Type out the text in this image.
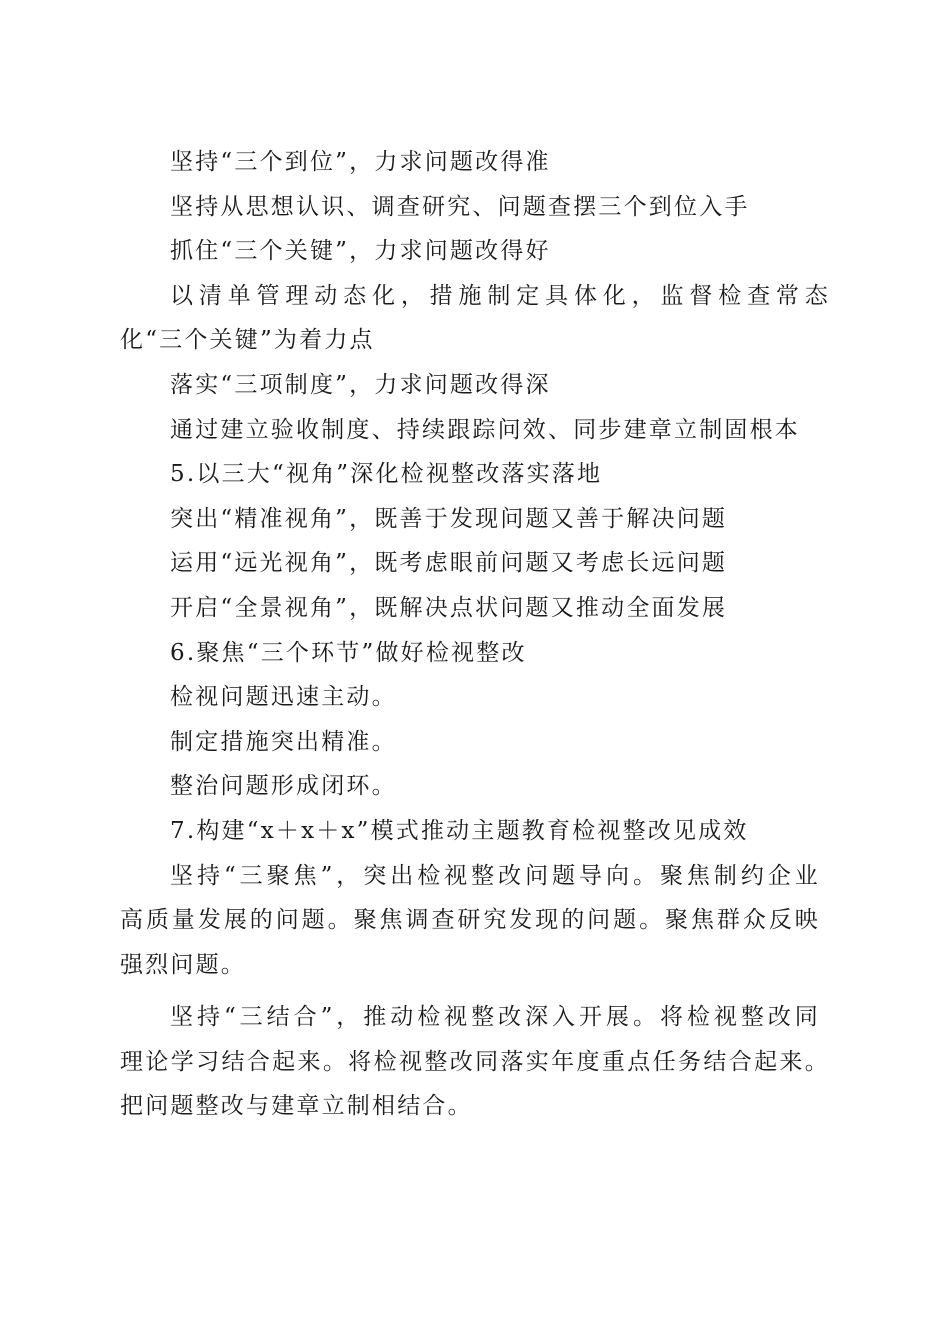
坚持“三个到位”，力求问题改得准

坚持从思想认识、调查研究、问题查摆三个到位入手

抓住“三个关键”，力求问题改得好

以清单管理动态化，措施制定具体化，监督检查常态

化“三个关键”为着力点

落实“三项制度”，力求问题改得深

通过建立验收制度、持续跟踪问效、同步建章立制固根本

5.以三大“视角”深化检视整改落实落地

突出“精准视角”，既善于发现问题又善于解决问题

运用“远光视角”，既考虑眼前问题又考虑长远问题

开启“全景视角”，既解决点状问题又推动全面发展

6.聚焦“三个环节”做好检视整改

检视问题迅速主动。

制定措施突出精准。

整治问题形成闭环。

7.构建“x＋x＋x”模式推动主题教育检视整改见成效

坚持“三聚焦”，突出检视整改问题导向。聚焦制约企业

高质量发展的问题。聚焦调查研究发现的问题。聚焦群众反映

强烈问题。

坚持“三结合”，推动检视整改深入开展。将检视整改同

理论学习结合起来。将检视整改同落实年度重点任务结合起来。

把问题整改与建章立制相结合。
